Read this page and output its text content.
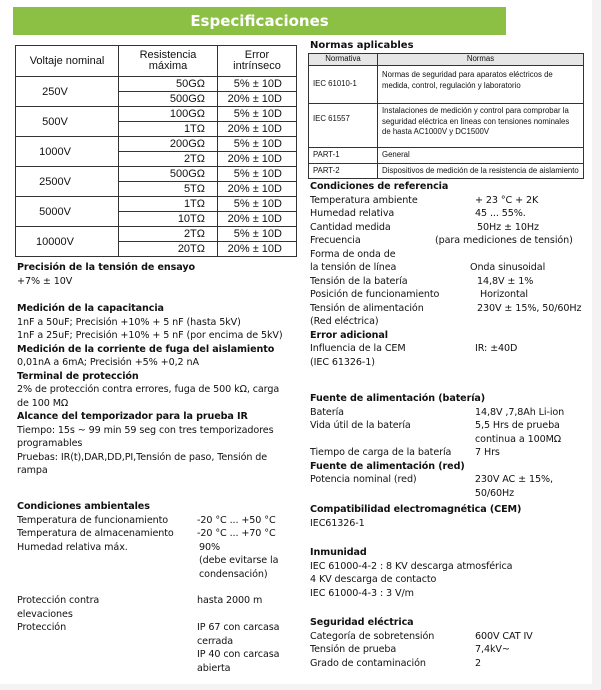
Especificaciones
Voltaje nominal	Resistencia máxima	Error intrínseco
250V	50GΩ	5% ± 10D
	500GΩ	20% ± 10D
500V	100GΩ	5% ± 10D
	1TΩ	20% ± 10D
1000V	200GΩ	5% ± 10D
	2TΩ	20% ± 10D
2500V	500GΩ	5% ± 10D
	5TΩ	20% ± 10D
5000V	1TΩ	5% ± 10D
	10TΩ	20% ± 10D
10000V	2TΩ	5% ± 10D
	20TΩ	20% ± 10D
Precisión de la tensión de ensayo
+7% ± 10V
Medición de la capacitancia
1nF a 50uF; Precisión +10% + 5 nF (hasta 5kV)
1nF a 25uF; Precisión +10% + 5 nF (por encima de 5kV)
Medición de la corriente de fuga del aislamiento
0,01nA a 6mA; Precisión +5% +0,2 nA
Terminal de protección
2% de protección contra errores, fuga de 500 kΩ, carga
de 100 MΩ
Alcance del temporizador para la prueba IR
Tiempo: 15s ~ 99 min 59 seg con tres temporizadores
programables
Pruebas: IR(t),DAR,DD,PI,Tensión de paso, Tensión de
rampa
Condiciones ambientales
Temperatura de funcionamiento	-20 °C ... +50 °C
Temperatura de almacenamiento	-20 °C ... +70 °C
Humedad relativa máx.	90%
(debe evitarse la
condensación)
Protección contra	hasta 2000 m
elevaciones
Protección	IP 67 con carcasa
cerrada
IP 40 con carcasa
abierta
Normas aplicables
Normativa	Normas
IEC 61010-1	Normas de seguridad para aparatos eléctricos de medida, control, regulación y laboratorio
IEC 61557	Instalaciones de medición y control para comprobar la seguridad eléctrica en líneas con tensiones nominales de hasta AC1000V y DC1500V
PART-1	General
PART-2	Dispositivos de medición de la resistencia de aislamiento
Condiciones de referencia
Temperatura ambiente	+ 23 °C + 2K
Humedad relativa	45 ... 55%.
Cantidad medida	50Hz ± 10Hz
Frecuencia	(para mediciones de tensión)
Forma de onda de
la tensión de línea	Onda sinusoidal
Tensión de la batería	14,8V ± 1%
Posición de funcionamiento	Horizontal
Tensión de alimentación	230V ± 15%, 50/60Hz
(Red eléctrica)
Error adicional
Influencia de la CEM	IR: ±40D
(IEC 61326-1)
Fuente de alimentación (batería)
Batería	14,8V ,7,8Ah Li-ion
Vida útil de la batería	5,5 Hrs de prueba
continua a 100MΩ
Tiempo de carga de la batería	7 Hrs
Fuente de alimentación (red)
Potencia nominal (red)	230V AC ± 15%, 50/60Hz
Compatibilidad electromagnética (CEM)
IEC61326-1
Inmunidad
IEC 61000-4-2 : 8 KV descarga atmosférica
4 KV descarga de contacto
IEC 61000-4-3 : 3 V/m
Seguridad eléctrica
Categoría de sobretensión	600V CAT IV
Tensión de prueba	7,4kV~
Grado de contaminación	2
